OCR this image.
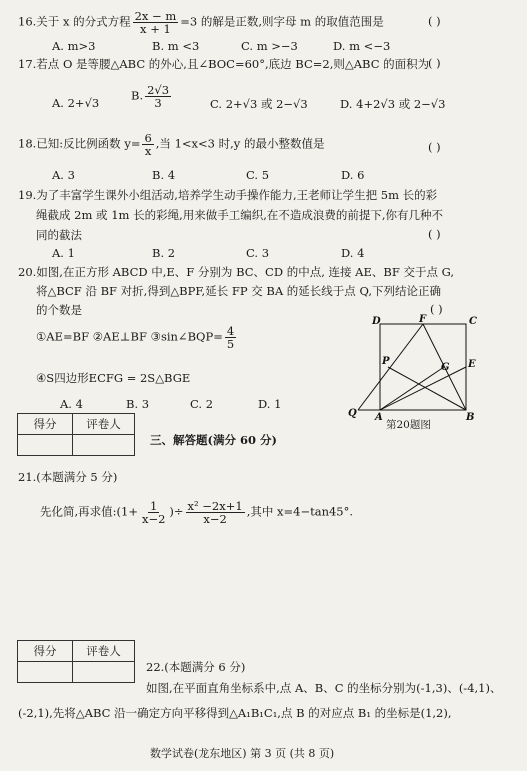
16.关于 x 的分式方程 $\frac{2x - m}{x + 1} =3$ 的解是正数,则字母 m 的取值范围是	( )
A. m>3	B. m <3	C. m >−3	D. m <−3
17.若点 O 是等腰△ABC 的外心,且∠BOC=60°,底边 BC=2,则△ABC 的面积为
( )
A. 2+√3
B. $\frac{2√3}{3}$	C. 2+√3 或 2−√3	D. 4+2√3 或 2−√3
18.已知:反比例函数 $y= \frac{6}{x}$ ,当 1<x<3 时,y 的最小整数值是	( )
A. 3	B. 4	C. 5	D. 6
19.为了丰富学生课外小组活动,培养学生动手操作能力,王老师让学生把 5m 长的彩
绳截成 2m 或 1m 长的彩绳,用来做手工编织,在不造成浪费的前提下,你有几种不
同的截法	( )
A. 1	B. 2	C. 3	D. 4
20.如图,在正方形 ABCD 中,E、F 分别为 BC、CD 的中点, 连接 AE、BF 交于点 G,
将△BCF 沿 BF 对折,得到△BPF,延长 FP 交 BA 的延长线于点 Q,下列结论正确
的个数是	( )
①AE=BF ②AE⊥BF ③sin∠BQP= $\frac{4}{5}$
④S四边形ECFG = 2S△BGE
A. 4	B. 3	C. 2	D. 1
D	F	C
P
G E
Q A	B
第20题图
得分	评卷人

三、解答题(满分 60 分)
21.(本题满分 5 分)
先化简,再求值:(1+ $\frac{1}{x-2}$ )÷ $\frac{\text{x² −2x+1}}{x-2}$ ,其中 x=4−tan45°.
得分	评卷人

22.(本题满分 6 分)
如图,在平面直角坐标系中,点 A、B、C 的坐标分别为(-1,3)、(-4,1)、
(-2,1),先将△ABC 沿一确定方向平移得到△A₁B₁C₁,点 B 的对应点 B₁ 的坐标是(1,2),
数学试卷(龙东地区) 第 3 页 (共 8 页)
